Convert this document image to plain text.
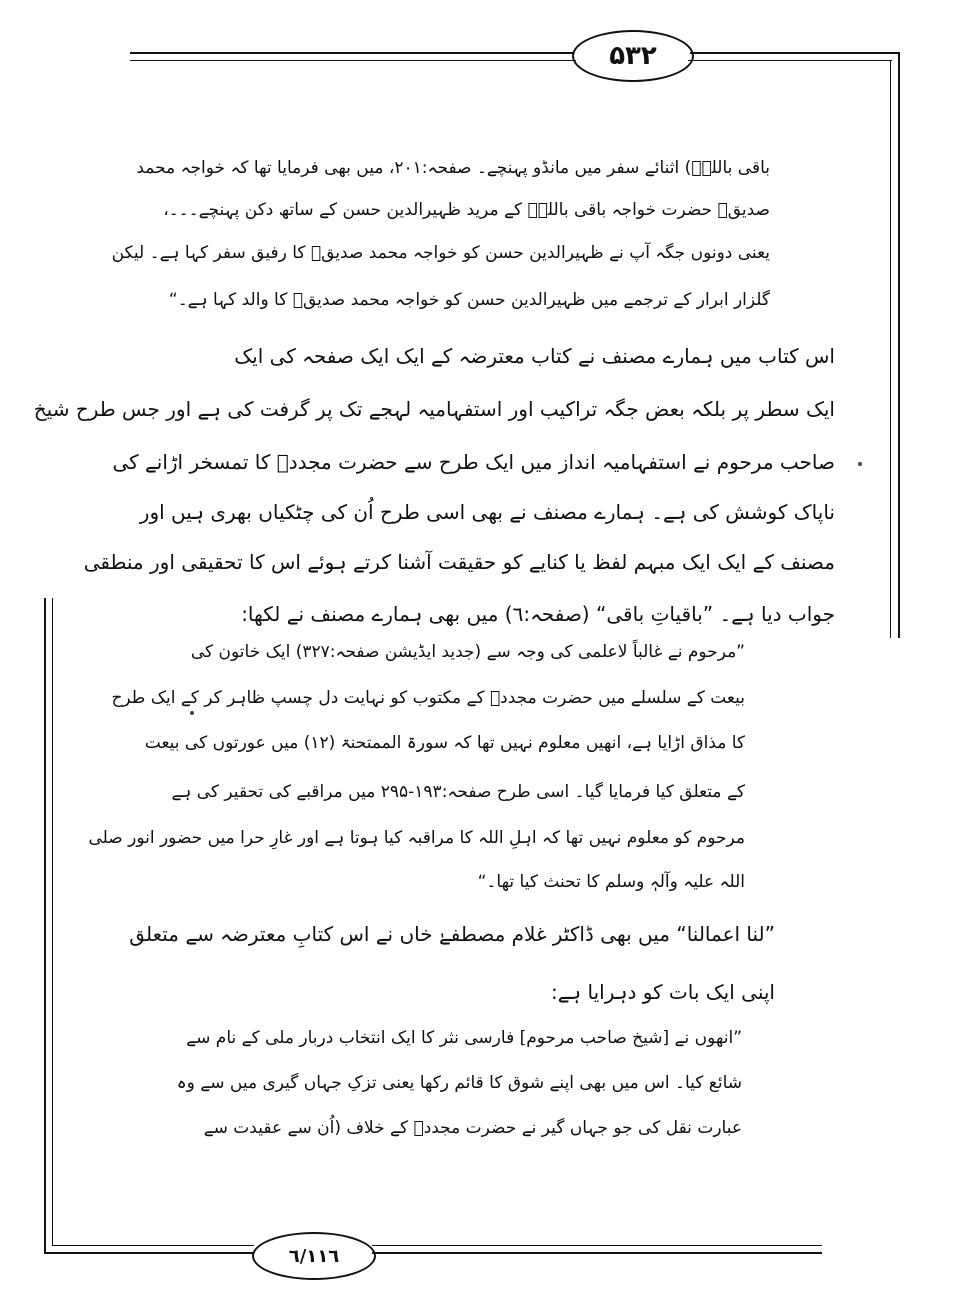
۵۳۲
٦/١١٦
باقی باللہؒ) اثنائے سفر میں مانڈو پہنچے۔ صفحہ:۲۰۱، میں بھی فرمایا تھا کہ خواجہ محمد
صدیقؒ حضرت خواجہ باقی باللہؒ کے مرید ظہیرالدین حسن کے ساتھ دکن پہنچے۔۔۔،
یعنی دونوں جگہ آپ نے ظہیرالدین حسن کو خواجہ محمد صدیقؒ کا رفیق سفر کہا ہے۔ لیکن
گلزار ابرار کے ترجمے میں ظہیرالدین حسن کو خواجہ محمد صدیقؒ کا والد کہا ہے۔“
اس کتاب میں ہمارے مصنف نے کتاب معترضہ کے ایک ایک صفحہ کی ایک
ایک سطر پر بلکہ بعض جگہ تراکیب اور استفہامیہ لہجے تک پر گرفت کی ہے اور جس طرح شیخ
صاحب مرحوم نے استفہامیہ انداز میں ایک طرح سے حضرت مجددؒ کا تمسخر اڑانے کی
ناپاک کوشش کی ہے۔ ہمارے مصنف نے بھی اسی طرح اُن کی چٹکیاں بھری ہیں اور
مصنف کے ایک ایک مبہم لفظ یا کنایے کو حقیقت آشنا کرتے ہوئے اس کا تحقیقی اور منطقی
جواب دیا ہے۔ ”باقیاتِ باقی“ (صفحہ:٦) میں بھی ہمارے مصنف نے لکھا:
”مرحوم نے غالباً لاعلمی کی وجہ سے (جدید ایڈیشن صفحہ:۳۲۷) ایک خاتون کی
بیعت کے سلسلے میں حضرت مجددؒ کے مکتوب کو نہایت دل چسپ ظاہر کر کے ایک طرح
کا مذاق اڑایا ہے، انھیں معلوم نہیں تھا کہ سورۃ الممتحنۃ (۱۲) میں عورتوں کی بیعت
کے متعلق کیا فرمایا گیا۔ اسی طرح صفحہ:۱۹۳-۲۹۵ میں مراقبے کی تحقیر کی ہے
مرحوم کو معلوم نہیں تھا کہ اہلِ اللہ کا مراقبہ کیا ہوتا ہے اور غارِ حرا میں حضور انور صلی
اللہ علیہ وآلہٖ وسلم کا تحنث کیا تھا۔“
”لنا اعمالنا“ میں بھی ڈاکٹر غلام مصطفےٰ خاں نے اس کتابِ معترضہ سے متعلق
اپنی ایک بات کو دہرایا ہے:
”انھوں نے [شیخ صاحب مرحوم] فارسی نثر کا ایک انتخاب دربار ملی کے نام سے
شائع کیا۔ اس میں بھی اپنے شوق کا قائم رکھا یعنی تزکِ جہاں گیری میں سے وہ
عبارت نقل کی جو جہاں گیر نے حضرت مجددؒ کے خلاف (اُن سے عقیدت سے
